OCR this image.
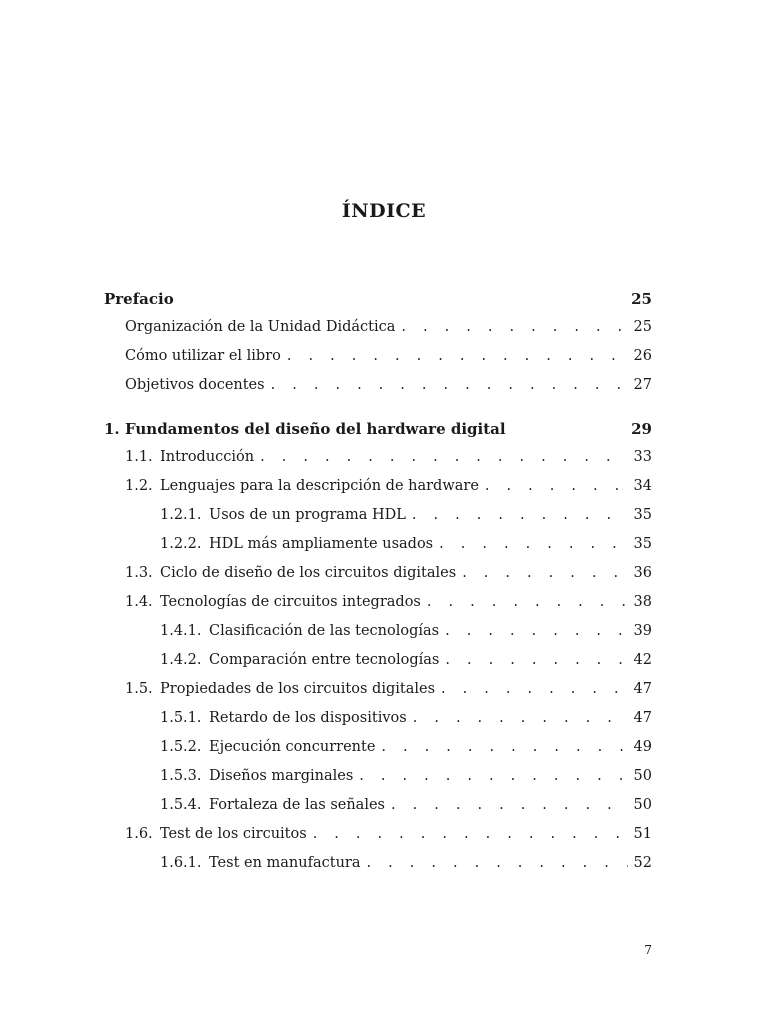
ÍNDICE
Prefacio	25
Organización de la Unidad Didáctica . . .	25
Cómo utilizar el libro . . .	26
Objetivos docentes . . .	27
1. Fundamentos del diseño del hardware digital	29
1.1. Introducción . . .	33
1.2. Lenguajes para la descripción de hardware . . .	34
1.2.1. Usos de un programa HDL . . .	35
1.2.2. HDL más ampliamente usados . . .	35
1.3. Ciclo de diseño de los circuitos digitales . . .	36
1.4. Tecnologías de circuitos integrados . . .	38
1.4.1. Clasificación de las tecnologías . . .	39
1.4.2. Comparación entre tecnologías . . .	42
1.5. Propiedades de los circuitos digitales . . .	47
1.5.1. Retardo de los dispositivos . . .	47
1.5.2. Ejecución concurrente . . .	49
1.5.3. Diseños marginales . . .	50
1.5.4. Fortaleza de las señales . . .	50
1.6. Test de los circuitos . . .	51
1.6.1. Test en manufactura . . .	52
7
